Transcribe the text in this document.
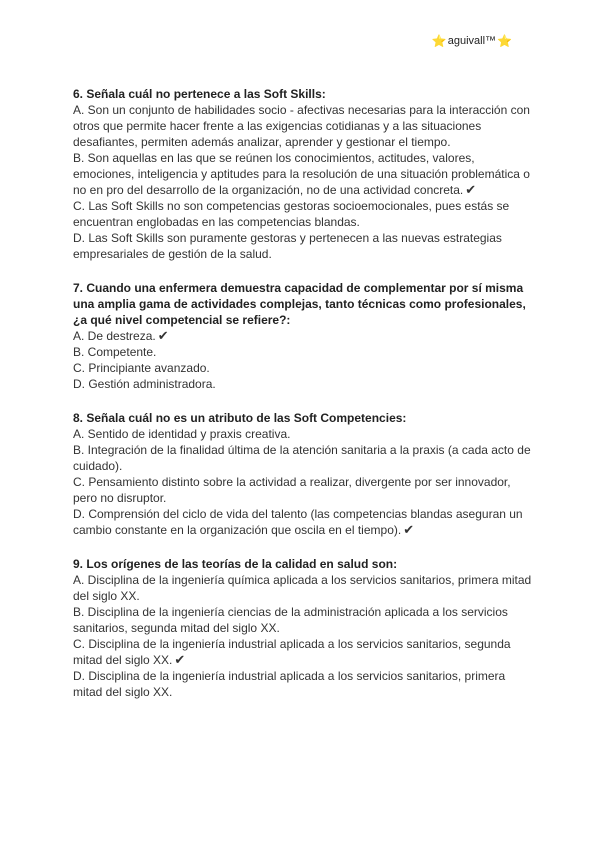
⭐ aguivall™ ⭐
6. Señala cuál no pertenece a las Soft Skills:
A. Son un conjunto de habilidades socio - afectivas necesarias para la interacción con otros que permite hacer frente a las exigencias cotidianas y a las situaciones desafiantes, permiten además analizar, aprender y gestionar el tiempo.
B. Son aquellas en las que se reúnen los conocimientos, actitudes, valores, emociones, inteligencia y aptitudes para la resolución de una situación problemática o no en pro del desarrollo de la organización, no de una actividad concreta. ✔
C. Las Soft Skills no son competencias gestoras socioemocionales, pues estás se encuentran englobadas en las competencias blandas.
D. Las Soft Skills son puramente gestoras y pertenecen a las nuevas estrategias empresariales de gestión de la salud.
7. Cuando una enfermera demuestra capacidad de complementar por sí misma una amplia gama de actividades complejas, tanto técnicas como profesionales, ¿a qué nivel competencial se refiere?:
A. De destreza. ✔
B. Competente.
C. Principiante avanzado.
D. Gestión administradora.
8. Señala cuál no es un atributo de las Soft Competencies:
A. Sentido de identidad y praxis creativa.
B. Integración de la finalidad última de la atención sanitaria a la praxis (a cada acto de cuidado).
C. Pensamiento distinto sobre la actividad a realizar, divergente por ser innovador, pero no disruptor.
D. Comprensión del ciclo de vida del talento (las competencias blandas aseguran un cambio constante en la organización que oscila en el tiempo). ✔
9. Los orígenes de las teorías de la calidad en salud son:
A. Disciplina de la ingeniería química aplicada a los servicios sanitarios, primera mitad del siglo XX.
B. Disciplina de la ingeniería ciencias de la administración aplicada a los servicios sanitarios, segunda mitad del siglo XX.
C. Disciplina de la ingeniería industrial aplicada a los servicios sanitarios, segunda mitad del siglo XX. ✔
D. Disciplina de la ingeniería industrial aplicada a los servicios sanitarios, primera mitad del siglo XX.
